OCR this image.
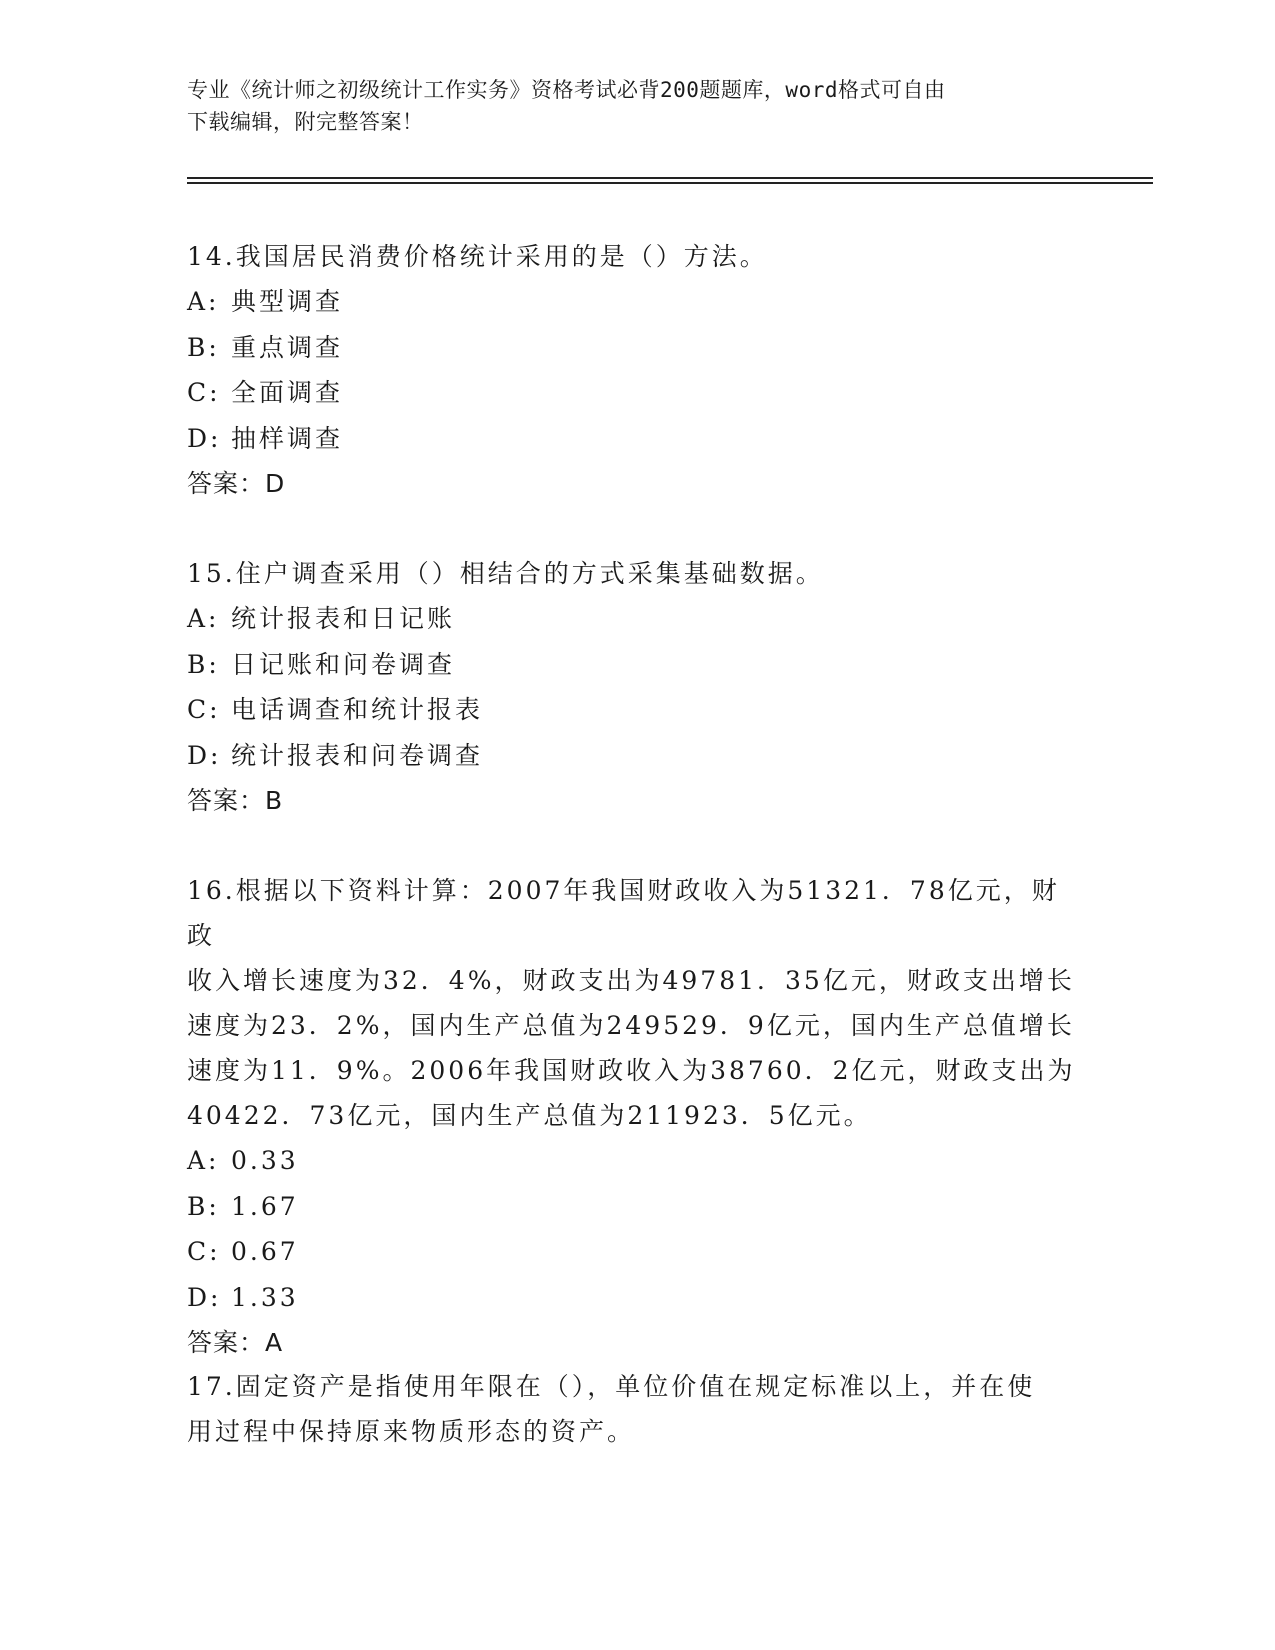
专业《统计师之初级统计工作实务》资格考试必背200题题库，word格式可自由
下载编辑，附完整答案！

14.我国居民消费价格统计采用的是（）方法。

A: 典型调查

B: 重点调查

C: 全面调查

D: 抽样调查

答案：D

15.住户调查采用（）相结合的方式采集基础数据。

A: 统计报表和日记账

B: 日记账和问卷调查

C: 电话调查和统计报表

D: 统计报表和问卷调查

答案：B

16.根据以下资料计算：2007年我国财政收入为51321．78亿元，财政

收入增长速度为32．4%，财政支出为49781．35亿元，财政支出增长

速度为23．2%，国内生产总值为249529．9亿元，国内生产总值增长

速度为11．9%。2006年我国财政收入为38760．2亿元，财政支出为

40422．73亿元，国内生产总值为211923．5亿元。

A: 0.33

B: 1.67

C: 0.67

D: 1.33

答案：A

17.固定资产是指使用年限在（），单位价值在规定标准以上，并在使

用过程中保持原来物质形态的资产。
